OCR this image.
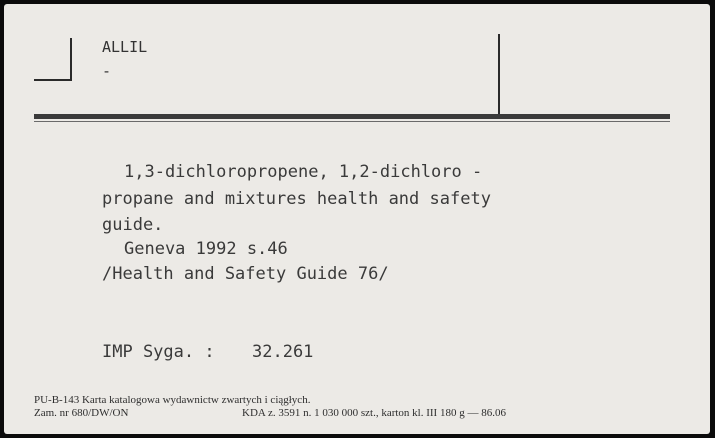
ALLIL
-
1,3-dichloropropene, 1,2-dichloro -
propane and mixtures health and safety
guide.
Geneva 1992 s.46
/Health and Safety Guide 76/
IMP Syga. : 32.261
PU-B-143 Karta katalogowa wydawnictw zwartych i ciągłych.
Zam. nr 680/DW/ON	KDA z. 3591 n. 1 030 000 szt., karton kl. III 180 g — 86.06
